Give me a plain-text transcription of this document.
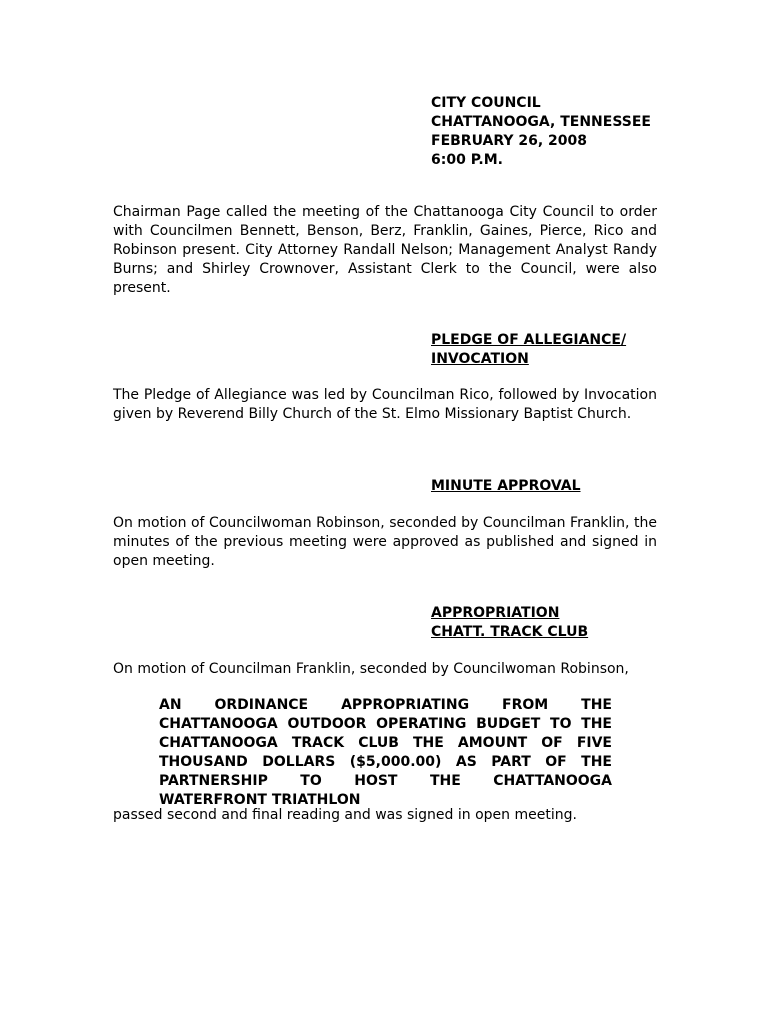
CITY COUNCIL
CHATTANOOGA, TENNESSEE
FEBRUARY 26, 2008
6:00 P.M.
Chairman Page called the meeting of the Chattanooga City Council to order with Councilmen Bennett, Benson, Berz, Franklin, Gaines, Pierce, Rico and Robinson present. City Attorney Randall Nelson; Management Analyst Randy Burns; and Shirley Crownover, Assistant Clerk to the Council, were also present.
PLEDGE OF ALLEGIANCE/
INVOCATION
The Pledge of Allegiance was led by Councilman Rico, followed by Invocation given by Reverend Billy Church of the St. Elmo Missionary Baptist Church.
MINUTE APPROVAL
On motion of Councilwoman Robinson, seconded by Councilman Franklin, the minutes of the previous meeting were approved as published and signed in open meeting.
APPROPRIATION
CHATT. TRACK CLUB
On motion of Councilman Franklin, seconded by Councilwoman Robinson,
AN ORDINANCE APPROPRIATING FROM THE CHATTANOOGA OUTDOOR OPERATING BUDGET TO THE CHATTANOOGA TRACK CLUB THE AMOUNT OF FIVE THOUSAND DOLLARS ($5,000.00) AS PART OF THE PARTNERSHIP TO HOST THE CHATTANOOGA WATERFRONT TRIATHLON
passed second and final reading and was signed in open meeting.
